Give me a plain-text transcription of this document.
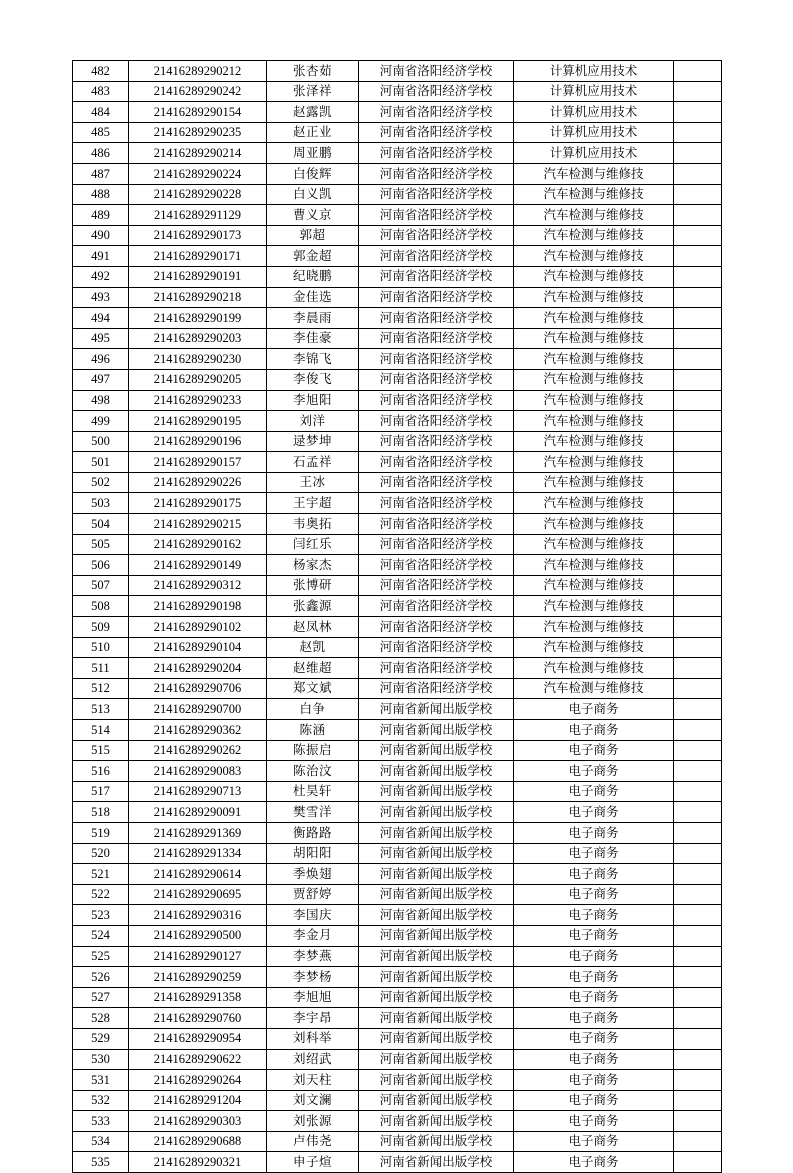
482	21416289290212	张杏茹	河南省洛阳经济学校	计算机应用技术	
483	21416289290242	张泽祥	河南省洛阳经济学校	计算机应用技术	
484	21416289290154	赵露凯	河南省洛阳经济学校	计算机应用技术	
485	21416289290235	赵正业	河南省洛阳经济学校	计算机应用技术	
486	21416289290214	周亚鹏	河南省洛阳经济学校	计算机应用技术	
487	21416289290224	白俊辉	河南省洛阳经济学校	汽车检测与维修技	
488	21416289290228	白义凯	河南省洛阳经济学校	汽车检测与维修技	
489	21416289291129	曹义京	河南省洛阳经济学校	汽车检测与维修技	
490	21416289290173	郭超	河南省洛阳经济学校	汽车检测与维修技	
491	21416289290171	郭金超	河南省洛阳经济学校	汽车检测与维修技	
492	21416289290191	纪晓鹏	河南省洛阳经济学校	汽车检测与维修技	
493	21416289290218	金佳选	河南省洛阳经济学校	汽车检测与维修技	
494	21416289290199	李晨雨	河南省洛阳经济学校	汽车检测与维修技	
495	21416289290203	李佳豪	河南省洛阳经济学校	汽车检测与维修技	
496	21416289290230	李锦飞	河南省洛阳经济学校	汽车检测与维修技	
497	21416289290205	李俊飞	河南省洛阳经济学校	汽车检测与维修技	
498	21416289290233	李旭阳	河南省洛阳经济学校	汽车检测与维修技	
499	21416289290195	刘洋	河南省洛阳经济学校	汽车检测与维修技	
500	21416289290196	逯梦坤	河南省洛阳经济学校	汽车检测与维修技	
501	21416289290157	石孟祥	河南省洛阳经济学校	汽车检测与维修技	
502	21416289290226	王冰	河南省洛阳经济学校	汽车检测与维修技	
503	21416289290175	王宇超	河南省洛阳经济学校	汽车检测与维修技	
504	21416289290215	韦奥拓	河南省洛阳经济学校	汽车检测与维修技	
505	21416289290162	闫红乐	河南省洛阳经济学校	汽车检测与维修技	
506	21416289290149	杨家杰	河南省洛阳经济学校	汽车检测与维修技	
507	21416289290312	张博研	河南省洛阳经济学校	汽车检测与维修技	
508	21416289290198	张鑫源	河南省洛阳经济学校	汽车检测与维修技	
509	21416289290102	赵凤林	河南省洛阳经济学校	汽车检测与维修技	
510	21416289290104	赵凯	河南省洛阳经济学校	汽车检测与维修技	
511	21416289290204	赵维超	河南省洛阳经济学校	汽车检测与维修技	
512	21416289290706	郑文斌	河南省洛阳经济学校	汽车检测与维修技	
513	21416289290700	白争	河南省新闻出版学校	电子商务	
514	21416289290362	陈涵	河南省新闻出版学校	电子商务	
515	21416289290262	陈振启	河南省新闻出版学校	电子商务	
516	21416289290083	陈治汶	河南省新闻出版学校	电子商务	
517	21416289290713	杜昊轩	河南省新闻出版学校	电子商务	
518	21416289290091	樊雪洋	河南省新闻出版学校	电子商务	
519	21416289291369	衡路路	河南省新闻出版学校	电子商务	
520	21416289291334	胡阳阳	河南省新闻出版学校	电子商务	
521	21416289290614	季焕翅	河南省新闻出版学校	电子商务	
522	21416289290695	贾舒婷	河南省新闻出版学校	电子商务	
523	21416289290316	李国庆	河南省新闻出版学校	电子商务	
524	21416289290500	李金月	河南省新闻出版学校	电子商务	
525	21416289290127	李梦燕	河南省新闻出版学校	电子商务	
526	21416289290259	李梦杨	河南省新闻出版学校	电子商务	
527	21416289291358	李旭旭	河南省新闻出版学校	电子商务	
528	21416289290760	李宇昂	河南省新闻出版学校	电子商务	
529	21416289290954	刘科举	河南省新闻出版学校	电子商务	
530	21416289290622	刘绍武	河南省新闻出版学校	电子商务	
531	21416289290264	刘天柱	河南省新闻出版学校	电子商务	
532	21416289291204	刘文澜	河南省新闻出版学校	电子商务	
533	21416289290303	刘张源	河南省新闻出版学校	电子商务	
534	21416289290688	卢伟尧	河南省新闻出版学校	电子商务	
535	21416289290321	申子煊	河南省新闻出版学校	电子商务	
